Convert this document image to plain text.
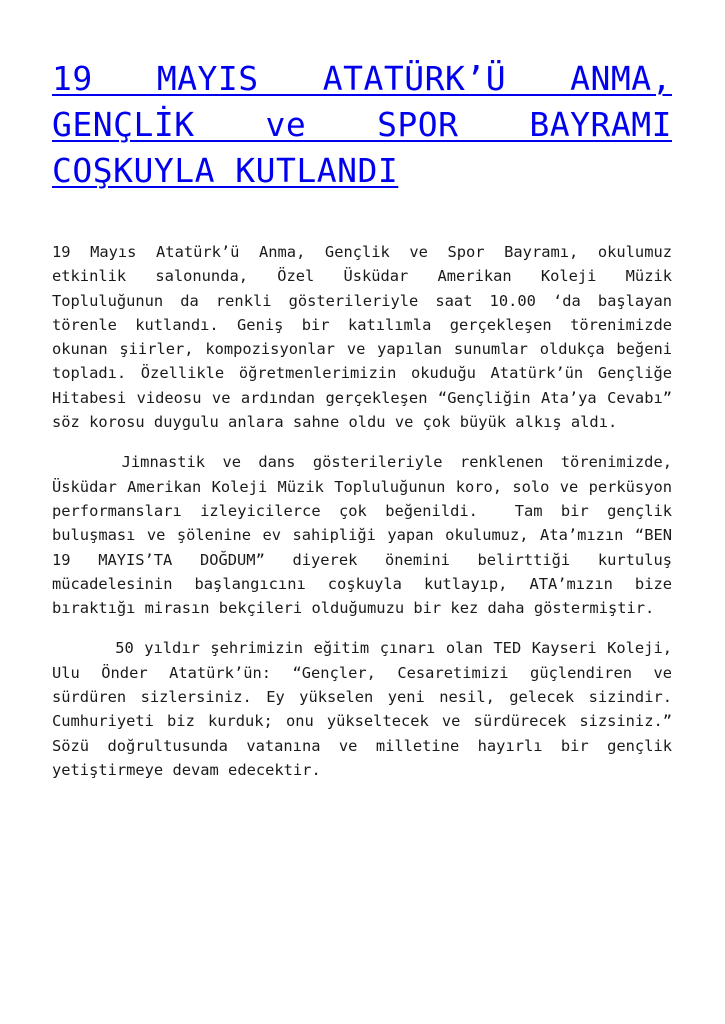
19 MAYIS ATATÜRK’Ü ANMA,
GENÇLİK ve SPOR BAYRAMI
COŞKUYLA KUTLANDI

19 Mayıs Atatürk’ü Anma, Gençlik ve Spor Bayramı, okulumuz etkinlik salonunda, Özel Üsküdar Amerikan Koleji Müzik Topluluğunun da renkli gösterileriyle saat 10.00 ‘da başlayan törenle kutlandı. Geniş bir katılımla gerçekleşen törenimizde okunan şiirler, kompozisyonlar ve yapılan sunumlar oldukça beğeni topladı. Özellikle öğretmenlerimizin okuduğu Atatürk’ün Gençliğe Hitabesi videosu ve ardından gerçekleşen “Gençliğin Ata’ya Cevabı” söz korosu duygulu anlara sahne oldu ve çok büyük alkış aldı.

Jimnastik ve dans gösterileriyle renklenen törenimizde, Üsküdar Amerikan Koleji Müzik Topluluğunun koro, solo ve perküsyon performansları izleyicilerce çok beğenildi.  Tam bir gençlik buluşması ve şölenine ev sahipliği yapan okulumuz, Ata’mızın “BEN 19 MAYIS’TA DOĞDUM” diyerek önemini belirttiği kurtuluş mücadelesinin başlangıcını coşkuyla kutlayıp, ATA’mızın bize bıraktığı mirasın bekçileri olduğumuzu bir kez daha göstermiştir.

50 yıldır şehrimizin eğitim çınarı olan TED Kayseri Koleji, Ulu Önder Atatürk’ün: “Gençler, Cesaretimizi güçlendiren ve sürdüren sizlersiniz. Ey yükselen yeni nesil, gelecek sizindir. Cumhuriyeti biz kurduk; onu yükseltecek ve sürdürecek sizsiniz.”  Sözü doğrultusunda vatanına ve milletine hayırlı bir gençlik yetiştirmeye devam edecektir.
